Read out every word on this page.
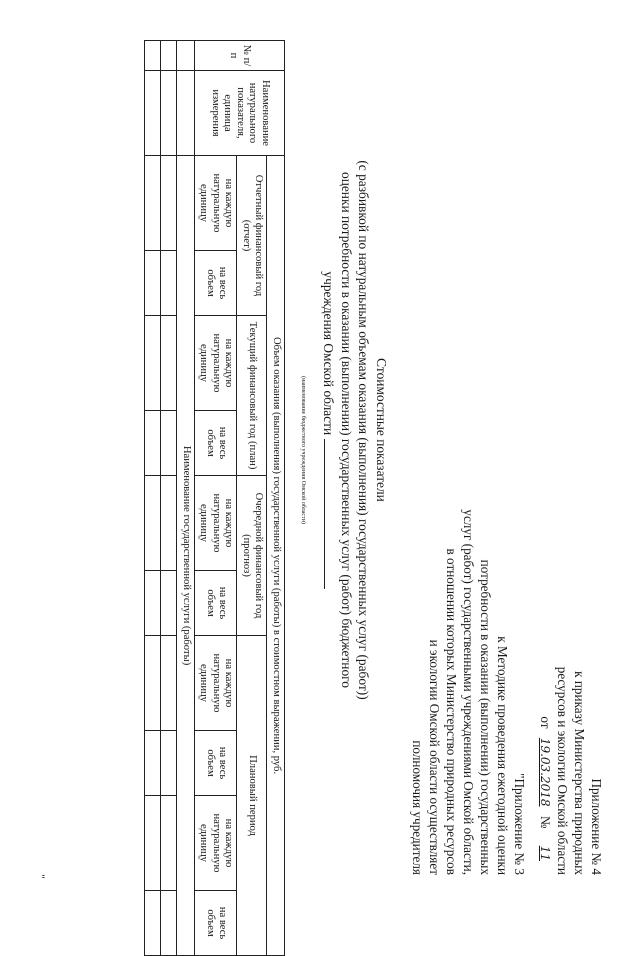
Приложение № 4
к приказу Министерства природных
ресурсов и экологии Омской области
от 19.03.2018 № 11
"Приложение № 3
к Методике проведения ежегодной оценки
потребности в оказании (выполнении) государственных
услуг (работ) государственными учреждениями Омской области,
в отношении которых Министерство природных ресурсов
и экологии Омской области осуществляет
полномочия учредителя
Стоимостные показатели
(с разбивкой по натуральным объемам оказания (выполнения) государственных услуг (работ))
оценки потребности в оказании (выполнении) государственных услуг (работ) бюджетного
учреждения Омской области
(наименование бюджетного учреждения Омской области)
№ п/п	Наименование натурального показателя, единица измерения	Объем оказания (выполнения) государственной услуги (работы) в стоимостном выражении, руб.									
		Отчетный финансовый год (отчет)		Текущий финансовый год (план)		Очередной финансовый год (прогноз)		Плановый период			
		на каждую натуральную единицу	на весь объем	на каждую натуральную единицу	на весь объем	на каждую натуральную единицу	на весь объем	на каждую натуральную единицу	на весь объем	на каждую натуральную единицу	на весь объем
		Наименование государственной услуги (работы)									

"
